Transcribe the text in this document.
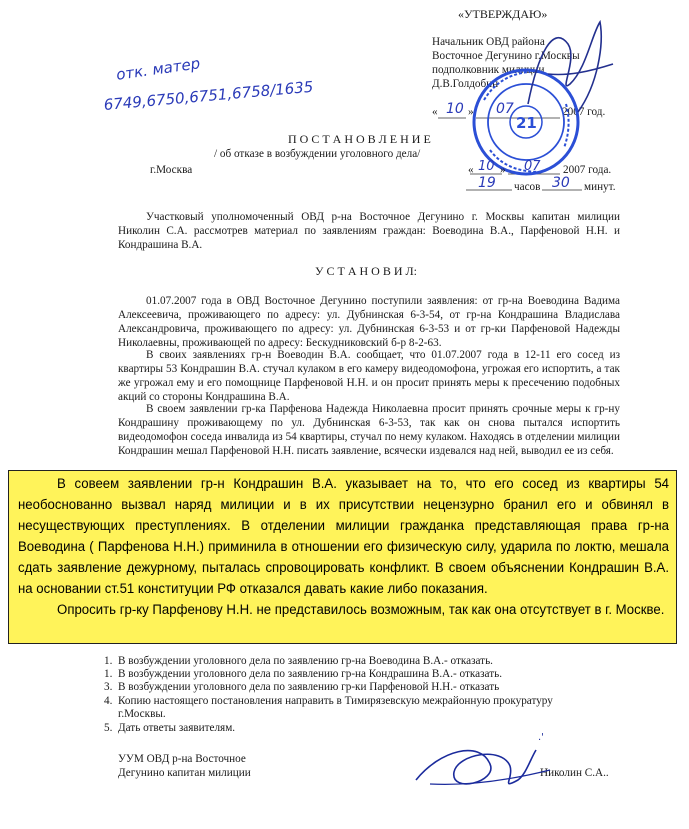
«УТВЕРЖДАЮ»
Начальник ОВД района
Восточное Дегунино г.Москвы
подполковник милиции
Д.В.Голдобин
« 10 » 07	2007 год.
21
отк. матер
6749,6750,6751,6758/1635
П О С Т А Н О В Л Е Н И Е
/ об отказе в возбуждении уголовного дела/
г.Москва	« 10 » 07 2007 года.
19 часов 30 минут.
Участковый уполномоченный ОВД р-на Восточное Дегунино г. Москвы капитан милиции Николин С.А. рассмотрев материал по заявлениям граждан: Воеводина В.А., Парфеновой Н.Н. и Кондрашина В.А.
У С Т А Н О В И Л:
01.07.2007 года в ОВД Восточное Дегунино поступили заявления: от гр-на Воеводина Вадима Алексеевича, проживающего по адресу: ул. Дубнинская 6-3-54, от гр-на Кондрашина Владислава Александровича, проживающего по адресу: ул. Дубнинская 6-3-53 и от гр-ки Парфеновой Надежды Николаевны, проживающей по адресу: Бескудниковский б-р 8-2-63.
В своих заявлениях гр-н Воеводин В.А. сообщает, что 01.07.2007 года в 12-11 его сосед из квартиры 53 Кондрашин В.А. стучал кулаком в его камеру видеодомофона, угрожая его испортить, а так же угрожал ему и его помощнице Парфеновой Н.Н. и он просит принять меры к пресечению подобных акций со стороны Кондрашина В.А.
В своем заявлении гр-ка Парфенова Надежда Николаевна просит принять срочные меры к гр-ну Кондрашину проживающему по ул. Дубнинская 6-3-53, так как он снова пытался испортить видеодомофон соседа инвалида из 54 квартиры, стучал по нему кулаком. Находясь в отделении милиции Кондрашин мешал Парфеновой Н.Н. писать заявление, всячески издевался над ней, выводил ее из себя.
В совеем заявлении гр-н Кондрашин В.А. указывает на то, что его сосед из квартиры 54 необоснованно вызвал наряд милиции и в их присутствии нецензурно бранил его и обвинял в несуществующих преступлениях. В отделении милиции гражданка представляющая права гр-на Воеводина ( Парфенова Н.Н.) приминила в отношении его физическую силу, ударила по локтю, мешала сдать заявление дежурному, пыталась спровоцировать конфликт. В своем объяснении Кондрашин В.А. на основании ст.51 конституции РФ отказался давать какие либо показания.
Опросить гр-ку Парфенову Н.Н. не представилось возможным, так как она отсутствует в г. Москве.
1. В возбуждении уголовного дела по заявлению гр-на Воеводина В.А.- отказать.
1. В возбуждении уголовного дела по заявлению гр-на Кондрашина В.А.- отказать.
3. В возбуждении уголовного дела по заявлению гр-ки Парфеновой Н.Н.- отказать
4. Копию настоящего постановления направить в Тимирязевскую межрайонную прокуратуру
г.Москвы.
5. Дать ответы заявителям.
УУМ ОВД р-на Восточное
Дегунино капитан милиции	Николин С.А..
.'
